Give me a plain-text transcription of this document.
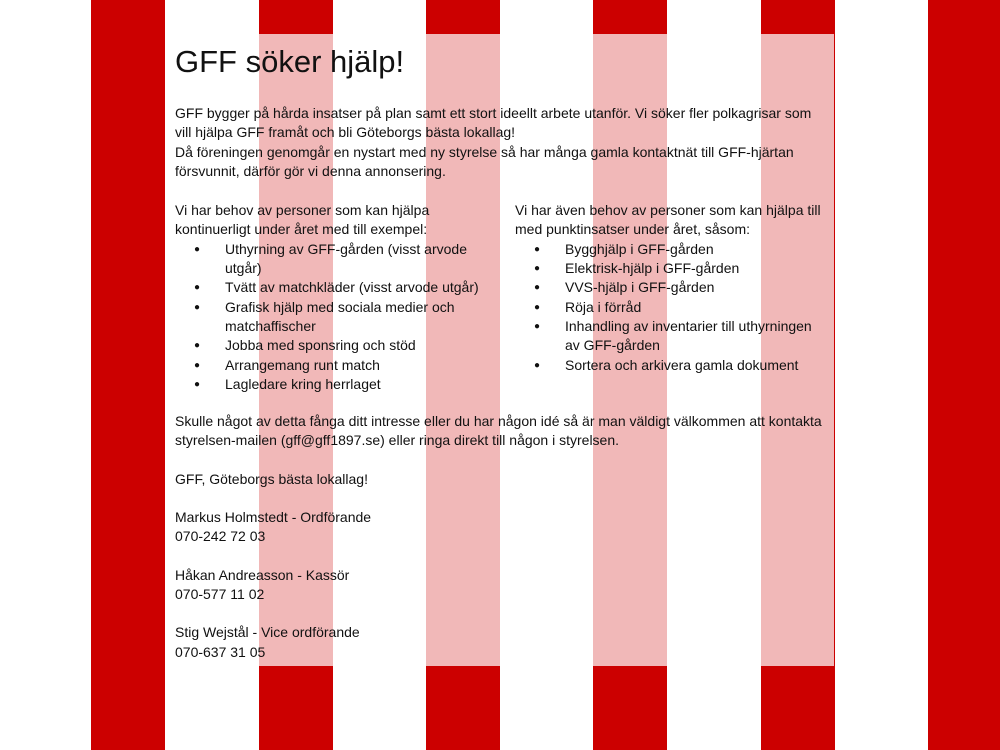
GFF söker hjälp!

GFF bygger på hårda insatser på plan samt ett stort ideellt arbete utanför. Vi söker fler polkagrisar som vill hjälpa GFF framåt och bli Göteborgs bästa lokallag!

Då föreningen genomgår en nystart med ny styrelse så har många gamla kontaktnät till GFF-hjärtan försvunnit, därför gör vi denna annonsering.

Vi har behov av personer som kan hjälpa kontinuerligt under året med till exempel:

● Uthyrning av GFF-gården (visst arvode utgår)
● Tvätt av matchkläder (visst arvode utgår)
● Grafisk hjälp med sociala medier och matchaffischer
● Jobba med sponsring och stöd
● Arrangemang runt match
● Lagledare kring herrlaget

Vi har även behov av personer som kan hjälpa till med punktinsatser under året, såsom:

● Bygghjälp i GFF-gården
● Elektrisk-hjälp i GFF-gården
● VVS-hjälp i GFF-gården
● Röja i förråd
● Inhandling av inventarier till uthyrningen av GFF-gården
● Sortera och arkivera gamla dokument

Skulle något av detta fånga ditt intresse eller du har någon idé så är man väldigt välkommen att kontakta styrelsen-mailen (gff@gff1897.se) eller ringa direkt till någon i styrelsen.

GFF, Göteborgs bästa lokallag!

Markus Holmstedt - Ordförande

070-242 72 03

Håkan Andreasson - Kassör

070-577 11 02

Stig Wejstål - Vice ordförande

070-637 31 05
